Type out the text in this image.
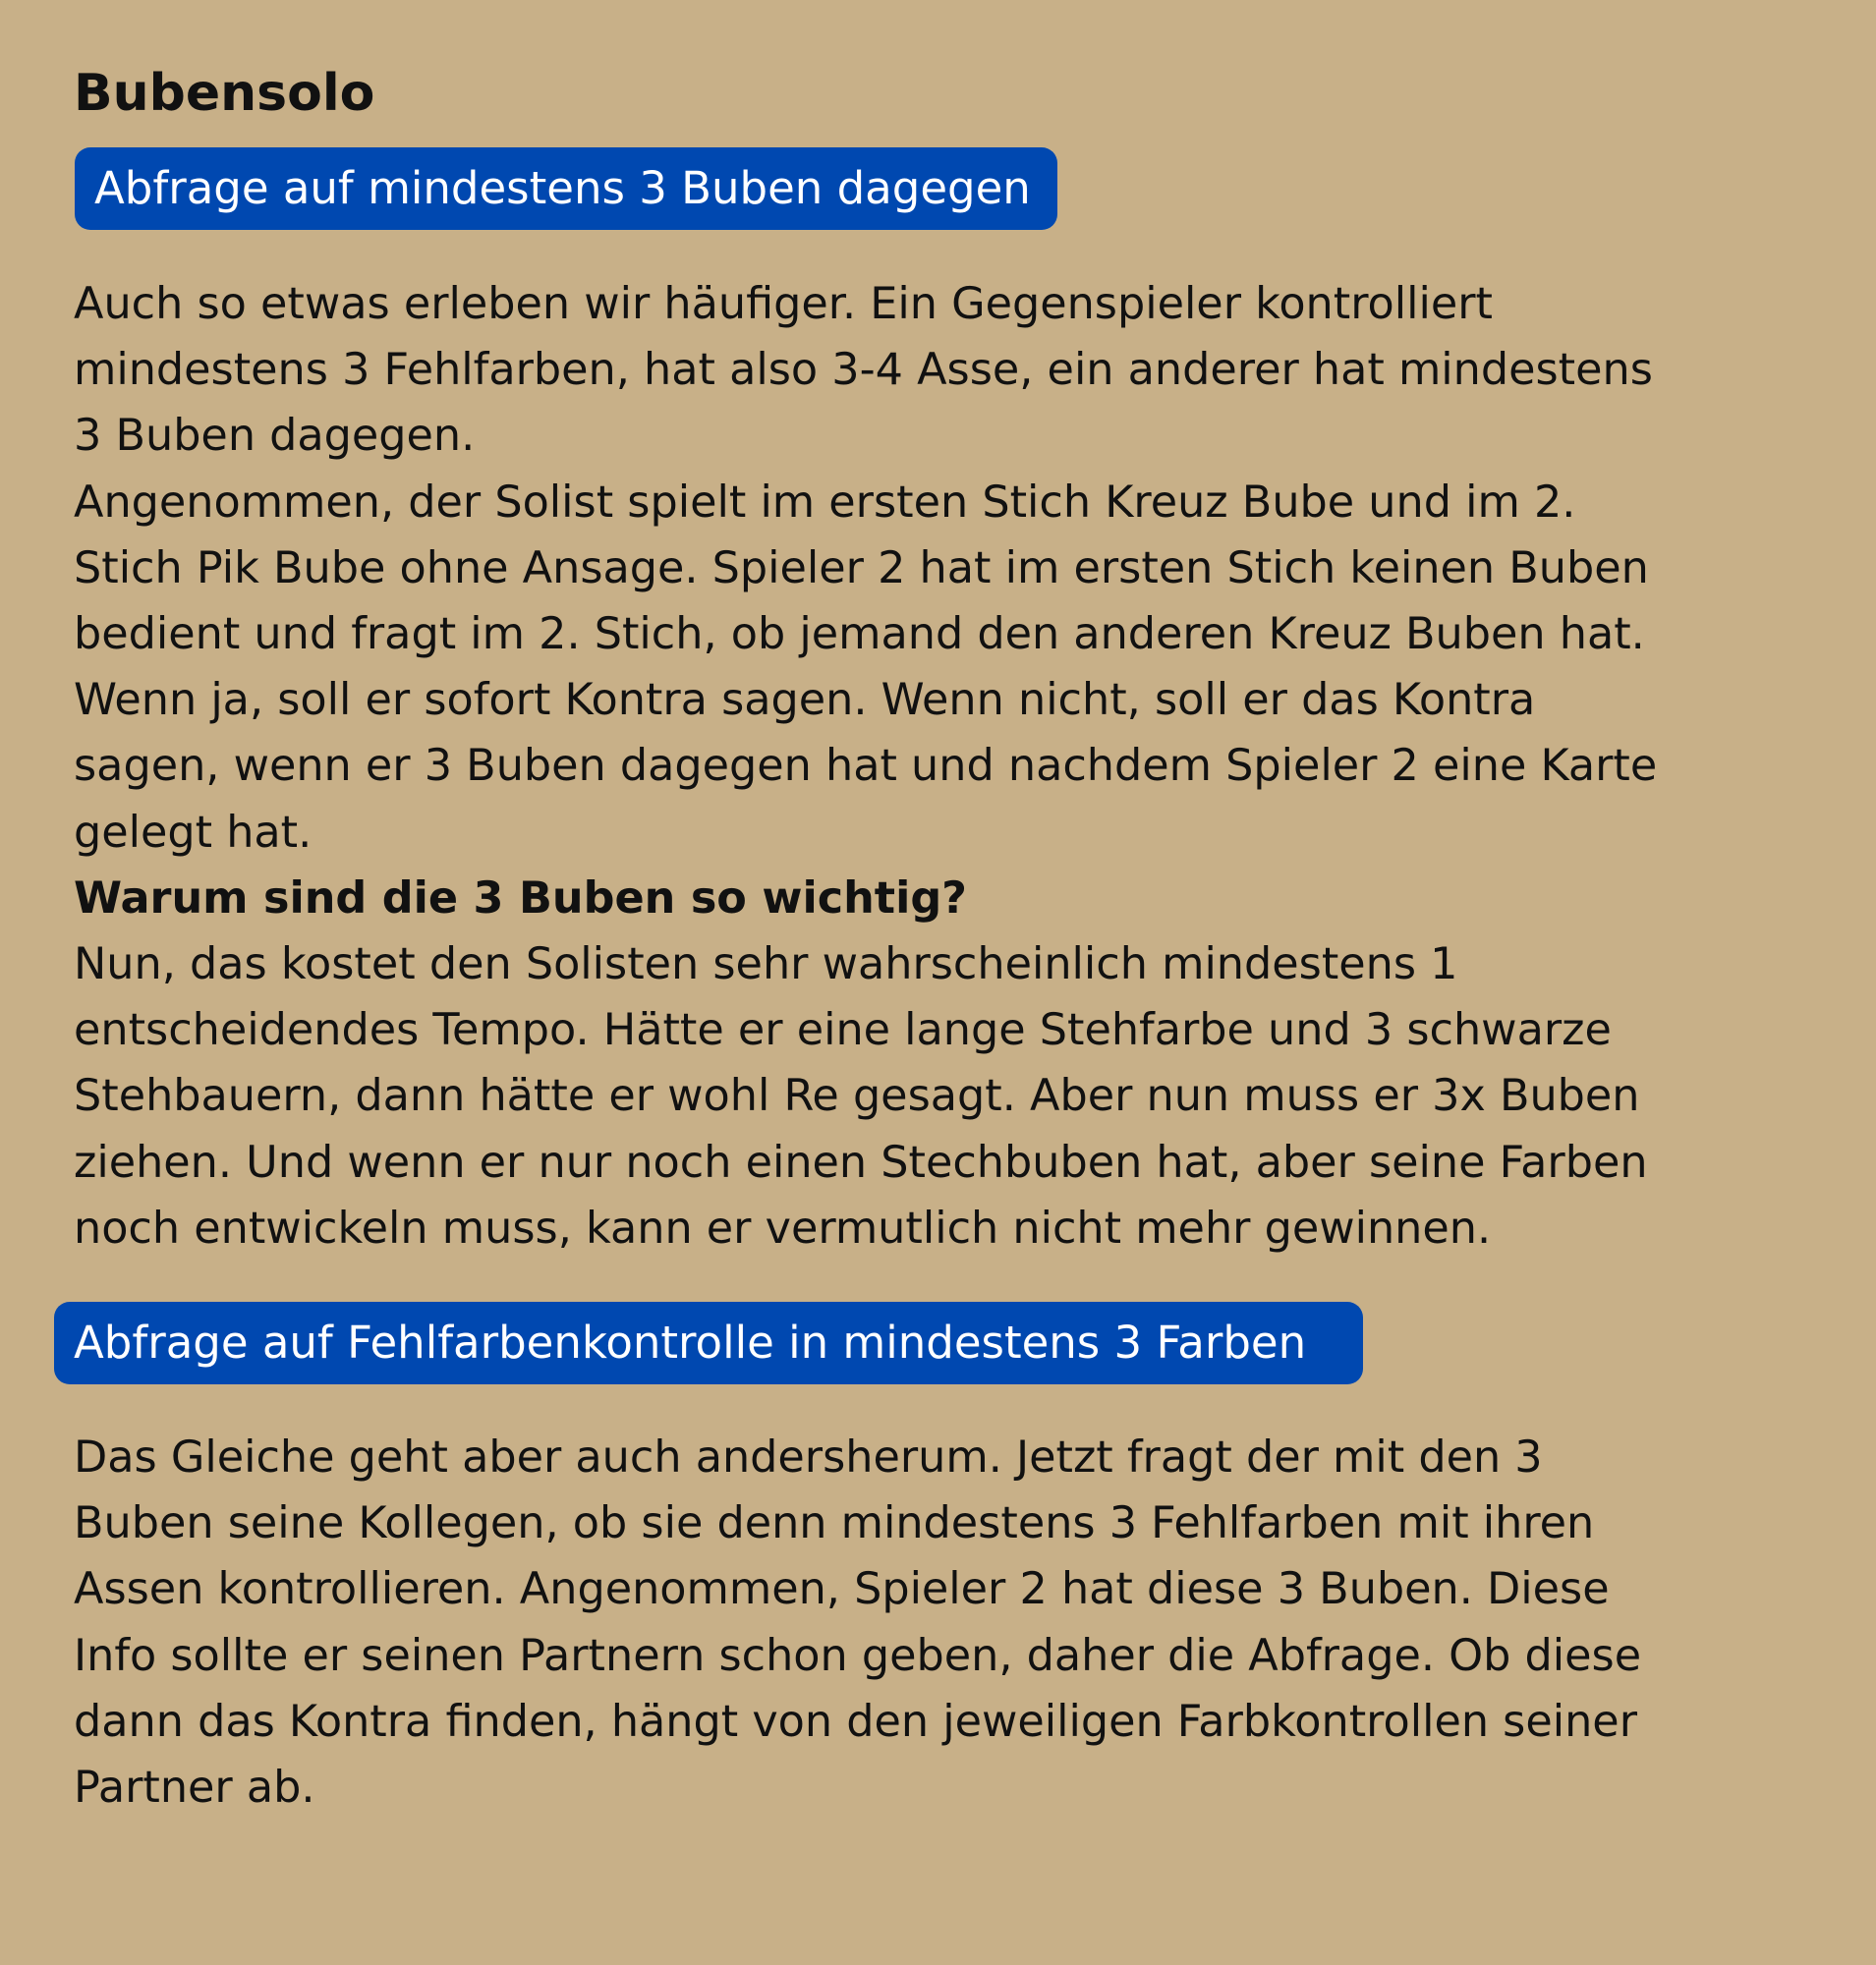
Bubensolo
Abfrage auf mindestens 3 Buben dagegen
Auch so etwas erleben wir häufiger. Ein Gegenspieler kontrolliert
mindestens 3 Fehlfarben, hat also 3-4 Asse, ein anderer hat mindestens
3 Buben dagegen.
Angenommen, der Solist spielt im ersten Stich Kreuz Bube und im 2.
Stich Pik Bube ohne Ansage. Spieler 2 hat im ersten Stich keinen Buben
bedient und fragt im 2. Stich, ob jemand den anderen Kreuz Buben hat.
Wenn ja, soll er sofort Kontra sagen. Wenn nicht, soll er das Kontra
sagen, wenn er 3 Buben dagegen hat und nachdem Spieler 2 eine Karte
gelegt hat.
Warum sind die 3 Buben so wichtig?
Nun, das kostet den Solisten sehr wahrscheinlich mindestens 1
entscheidendes Tempo. Hätte er eine lange Stehfarbe und 3 schwarze
Stehbauern, dann hätte er wohl Re gesagt. Aber nun muss er 3x Buben
ziehen. Und wenn er nur noch einen Stechbuben hat, aber seine Farben
noch entwickeln muss, kann er vermutlich nicht mehr gewinnen.
Abfrage auf Fehlfarbenkontrolle in mindestens 3 Farben
Das Gleiche geht aber auch andersherum. Jetzt fragt der mit den 3
Buben seine Kollegen, ob sie denn mindestens 3 Fehlfarben mit ihren
Assen kontrollieren. Angenommen, Spieler 2 hat diese 3 Buben. Diese
Info sollte er seinen Partnern schon geben, daher die Abfrage. Ob diese
dann das Kontra finden, hängt von den jeweiligen Farbkontrollen seiner
Partner ab.
